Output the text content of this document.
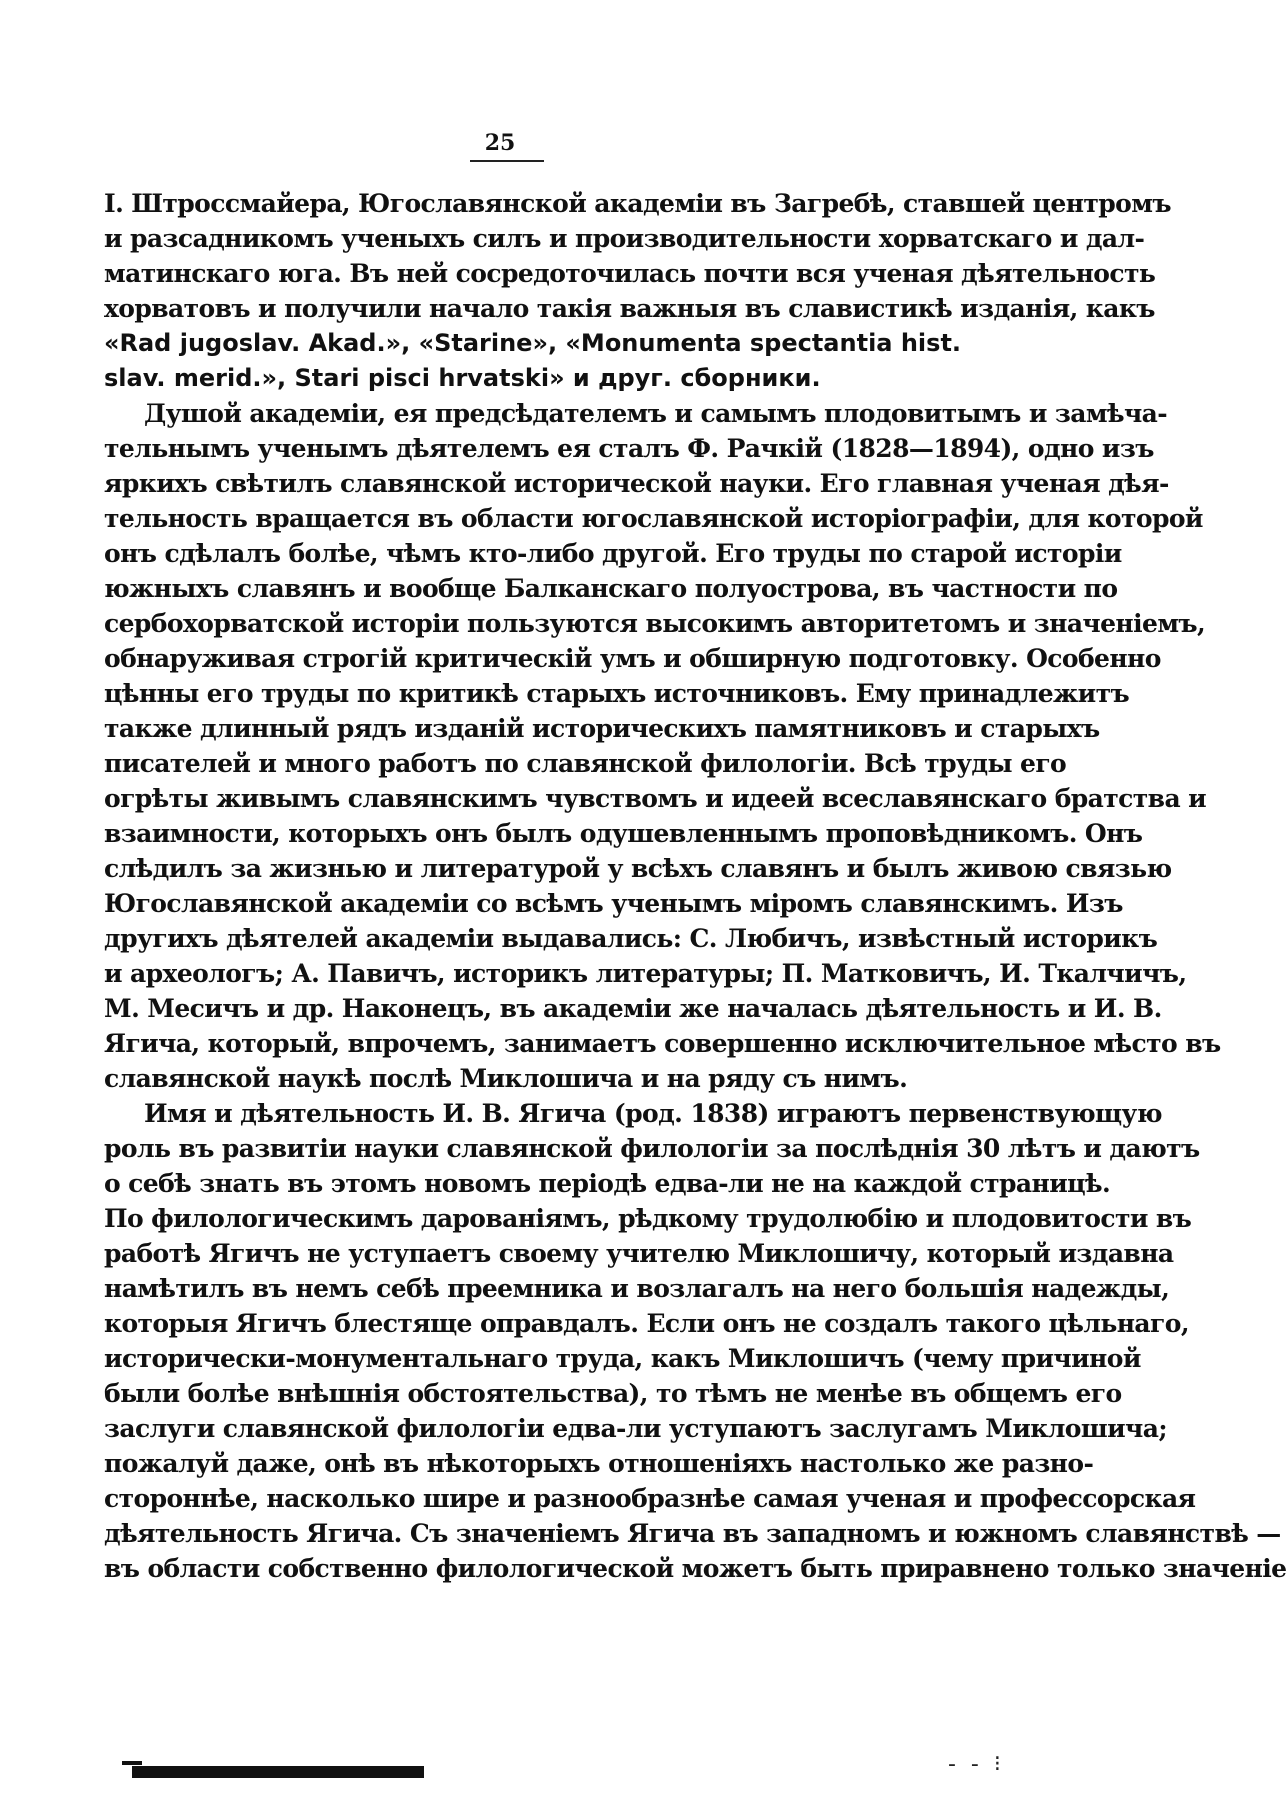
25
I. Штроссмайера, Югославянской академiи въ Загребѣ, ставшей центромъ
и разсадникомъ ученыхъ силъ и производительности хорватскаго и дал-
матинскаго юга. Въ ней сосредоточилась почти вся ученая дѣятельность
хорватовъ и получили начало такiя важныя въ славистикѣ изданiя, какъ
«Rad jugoslav. Akad.», «Starine», «Monumenta spectantia hist.
slav. merid.», Stari pisci hrvatski» и друг. сборники.
Душой академiи, ея предсѣдателемъ и самымъ плодовитымъ и замѣча-
тельнымъ ученымъ дѣятелемъ ея сталъ Ф. Рачкiй (1828—1894), одно изъ
яркихъ свѣтилъ славянской исторической науки. Его главная ученая дѣя-
тельность вращается въ области югославянской исторiографiи, для которой
онъ сдѣлалъ болѣе, чѣмъ кто-либо другой. Его труды по старой исторiи
южныхъ славянъ и вообще Балканскаго полуострова, въ частности по
сербохорватской исторiи пользуются высокимъ авторитетомъ и значенiемъ,
обнаруживая строгiй критическiй умъ и обширную подготовку. Особенно
цѣнны его труды по критикѣ старыхъ источниковъ. Ему принадлежитъ
также длинный рядъ изданiй историческихъ памятниковъ и старыхъ
писателей и много работъ по славянской филологiи. Всѣ труды его
огрѣты живымъ славянскимъ чувствомъ и идеей всеславянскаго братства и
взаимности, которыхъ онъ былъ одушевленнымъ проповѣдникомъ. Онъ
слѣдилъ за жизнью и литературой у всѣхъ славянъ и былъ живою связью
Югославянской академiи со всѣмъ ученымъ мiромъ славянскимъ. Изъ
другихъ дѣятелей академiи выдавались: С. Любичъ, извѣстный историкъ
и археологъ; А. Павичъ, историкъ литературы; П. Матковичъ, И. Ткалчичъ,
М. Месичъ и др. Наконецъ, въ академiи же началась дѣятельность и И. В.
Ягича, который, впрочемъ, занимаетъ совершенно исключительное мѣсто въ
славянской наукѣ послѣ Миклошича и на ряду съ нимъ.
Имя и дѣятельность И. В. Ягича (род. 1838) играютъ первенствующую
роль въ развитiи науки славянской филологiи за послѣднiя 30 лѣтъ и даютъ
о себѣ знать въ этомъ новомъ перiодѣ едва-ли не на каждой страницѣ.
По филологическимъ дарованiямъ, рѣдкому трудолюбiю и плодовитости въ
работѣ Ягичъ не уступаетъ своему учителю Миклошичу, который издавна
намѣтилъ въ немъ себѣ преемника и возлагалъ на него большiя надежды,
которыя Ягичъ блестяще оправдалъ. Если онъ не создалъ такого цѣльнаго,
исторически-монументальнаго труда, какъ Миклошичъ (чему причиной
были болѣе внѣшнiя обстоятельства), то тѣмъ не менѣе въ общемъ его
заслуги славянской филологiи едва-ли уступаютъ заслугамъ Миклошича;
пожалуй даже, онѣ въ нѣкоторыхъ отношенiяхъ настолько же разно-
стороннѣе, насколько шире и разнообразнѣе самая ученая и профессорская
дѣятельность Ягича. Съ значенiемъ Ягича въ западномъ и южномъ славянствѣ —
въ области собственно филологической можетъ быть приравнено только значенiе
- - ⁝
